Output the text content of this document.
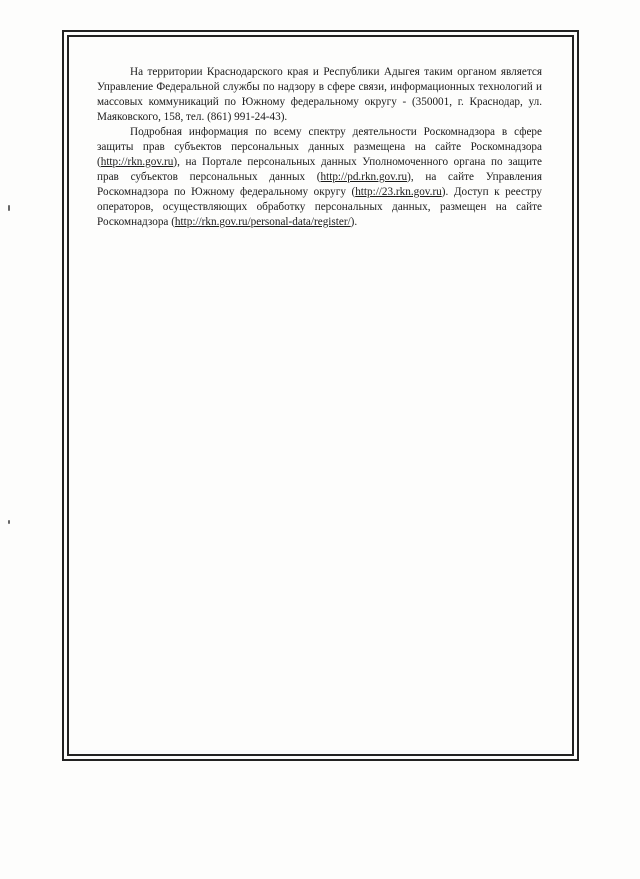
На территории Краснодарского края и Республики Адыгея таким органом является Управление Федеральной службы по надзору в сфере связи, информационных технологий и массовых коммуникаций по Южному федеральному округу - (350001, г. Краснодар, ул. Маяковского, 158, тел. (861) 991-24-43).

Подробная информация по всему спектру деятельности Роскомнадзора в сфере защиты прав субъектов персональных данных размещена на сайте Роскомнадзора (http://rkn.gov.ru), на Портале персональных данных Уполномоченного органа по защите прав субъектов персональных данных (http://pd.rkn.gov.ru), на сайте Управления Роскомнадзора по Южному федеральному округу (http://23.rkn.gov.ru). Доступ к реестру операторов, осуществляющих обработку персональных данных, размещен на сайте Роскомнадзора (http://rkn.gov.ru/personal-data/register/).
